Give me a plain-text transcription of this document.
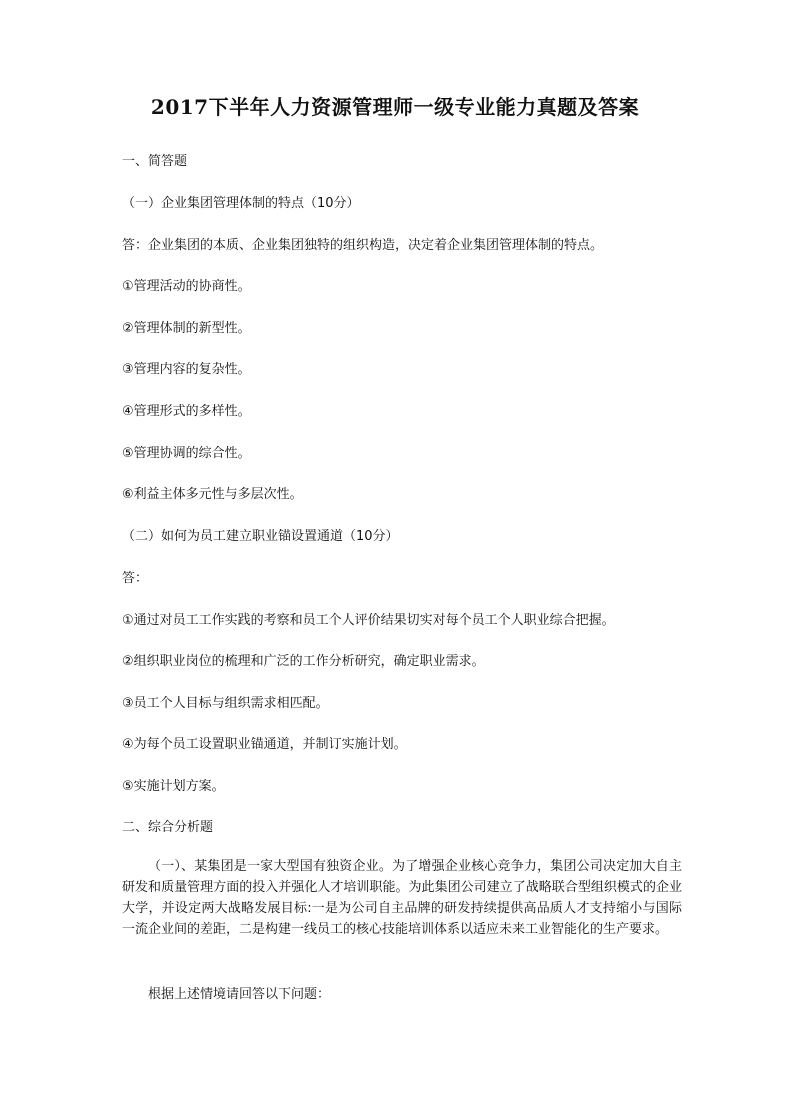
2017下半年人力资源管理师一级专业能力真题及答案

一、简答题

（一）企业集团管理体制的特点（10分）

答：企业集团的本质、企业集团独特的组织构造，决定着企业集团管理体制的特点。

①管理活动的协商性。

②管理体制的新型性。

③管理内容的复杂性。

④管理形式的多样性。

⑤管理协调的综合性。

⑥利益主体多元性与多层次性。

（二）如何为员工建立职业锚设置通道（10分）

答：

①通过对员工工作实践的考察和员工个人评价结果切实对每个员工个人职业综合把握。

②组织职业岗位的梳理和广泛的工作分析研究，确定职业需求。

③员工个人目标与组织需求相匹配。

④为每个员工设置职业锚通道，并制订实施计划。

⑤实施计划方案。

二、综合分析题

（一）、某集团是一家大型国有独资企业。为了增强企业核心竞争力，集团公司决定加大自主研发和质量管理方面的投入并强化人才培训职能。为此集团公司建立了战略联合型组织模式的企业大学，并设定两大战略发展目标:一是为公司自主品牌的研发持续提供高品质人才支持缩小与国际一流企业间的差距，二是构建一线员工的核心技能培训体系以适应未来工业智能化的生产要求。

根据上述情境请回答以下问题：
